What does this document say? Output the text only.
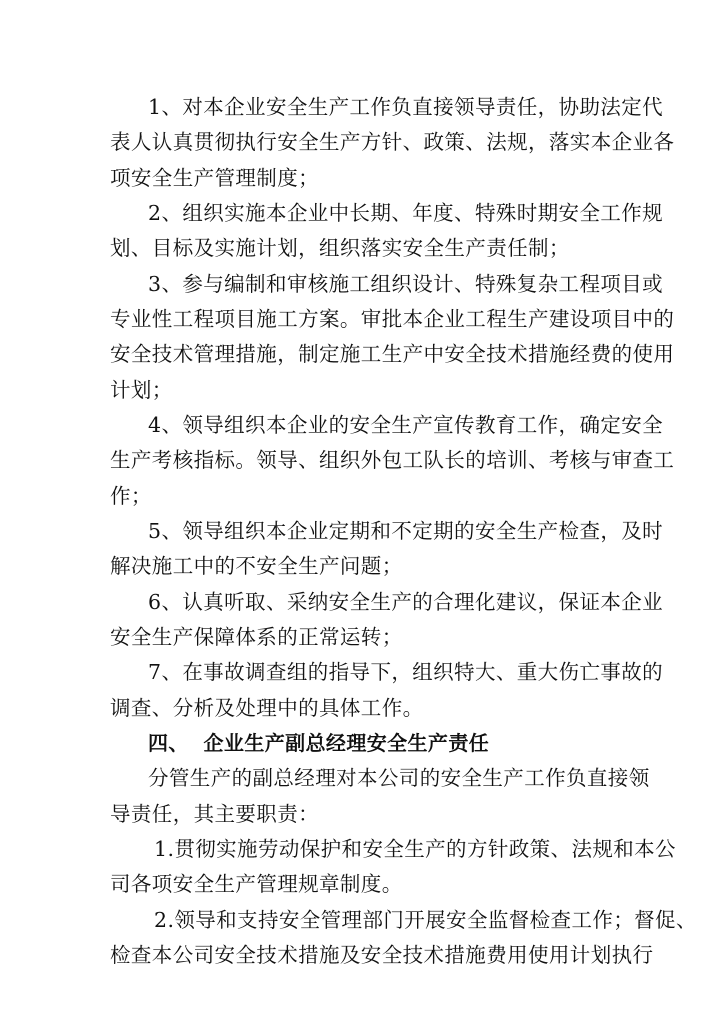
1、对本企业安全生产工作负直接领导责任，协助法定代
表人认真贯彻执行安全生产方针、政策、法规，落实本企业各
项安全生产管理制度；
2、组织实施本企业中长期、年度、特殊时期安全工作规
划、目标及实施计划，组织落实安全生产责任制；
3、参与编制和审核施工组织设计、特殊复杂工程项目或
专业性工程项目施工方案。审批本企业工程生产建设项目中的
安全技术管理措施，制定施工生产中安全技术措施经费的使用
计划；
4、领导组织本企业的安全生产宣传教育工作，确定安全
生产考核指标。领导、组织外包工队长的培训、考核与审查工
作；
5、领导组织本企业定期和不定期的安全生产检查，及时
解决施工中的不安全生产问题；
6、认真听取、采纳安全生产的合理化建议，保证本企业
安全生产保障体系的正常运转；
7、在事故调查组的指导下，组织特大、重大伤亡事故的
调查、分析及处理中的具体工作。
四、  企业生产副总经理安全生产责任
分管生产的副总经理对本公司的安全生产工作负直接领
导责任，其主要职责：
1.贯彻实施劳动保护和安全生产的方针政策、法规和本公
司各项安全生产管理规章制度。
2.领导和支持安全管理部门开展安全监督检查工作；督促、
检查本公司安全技术措施及安全技术措施费用使用计划执行
